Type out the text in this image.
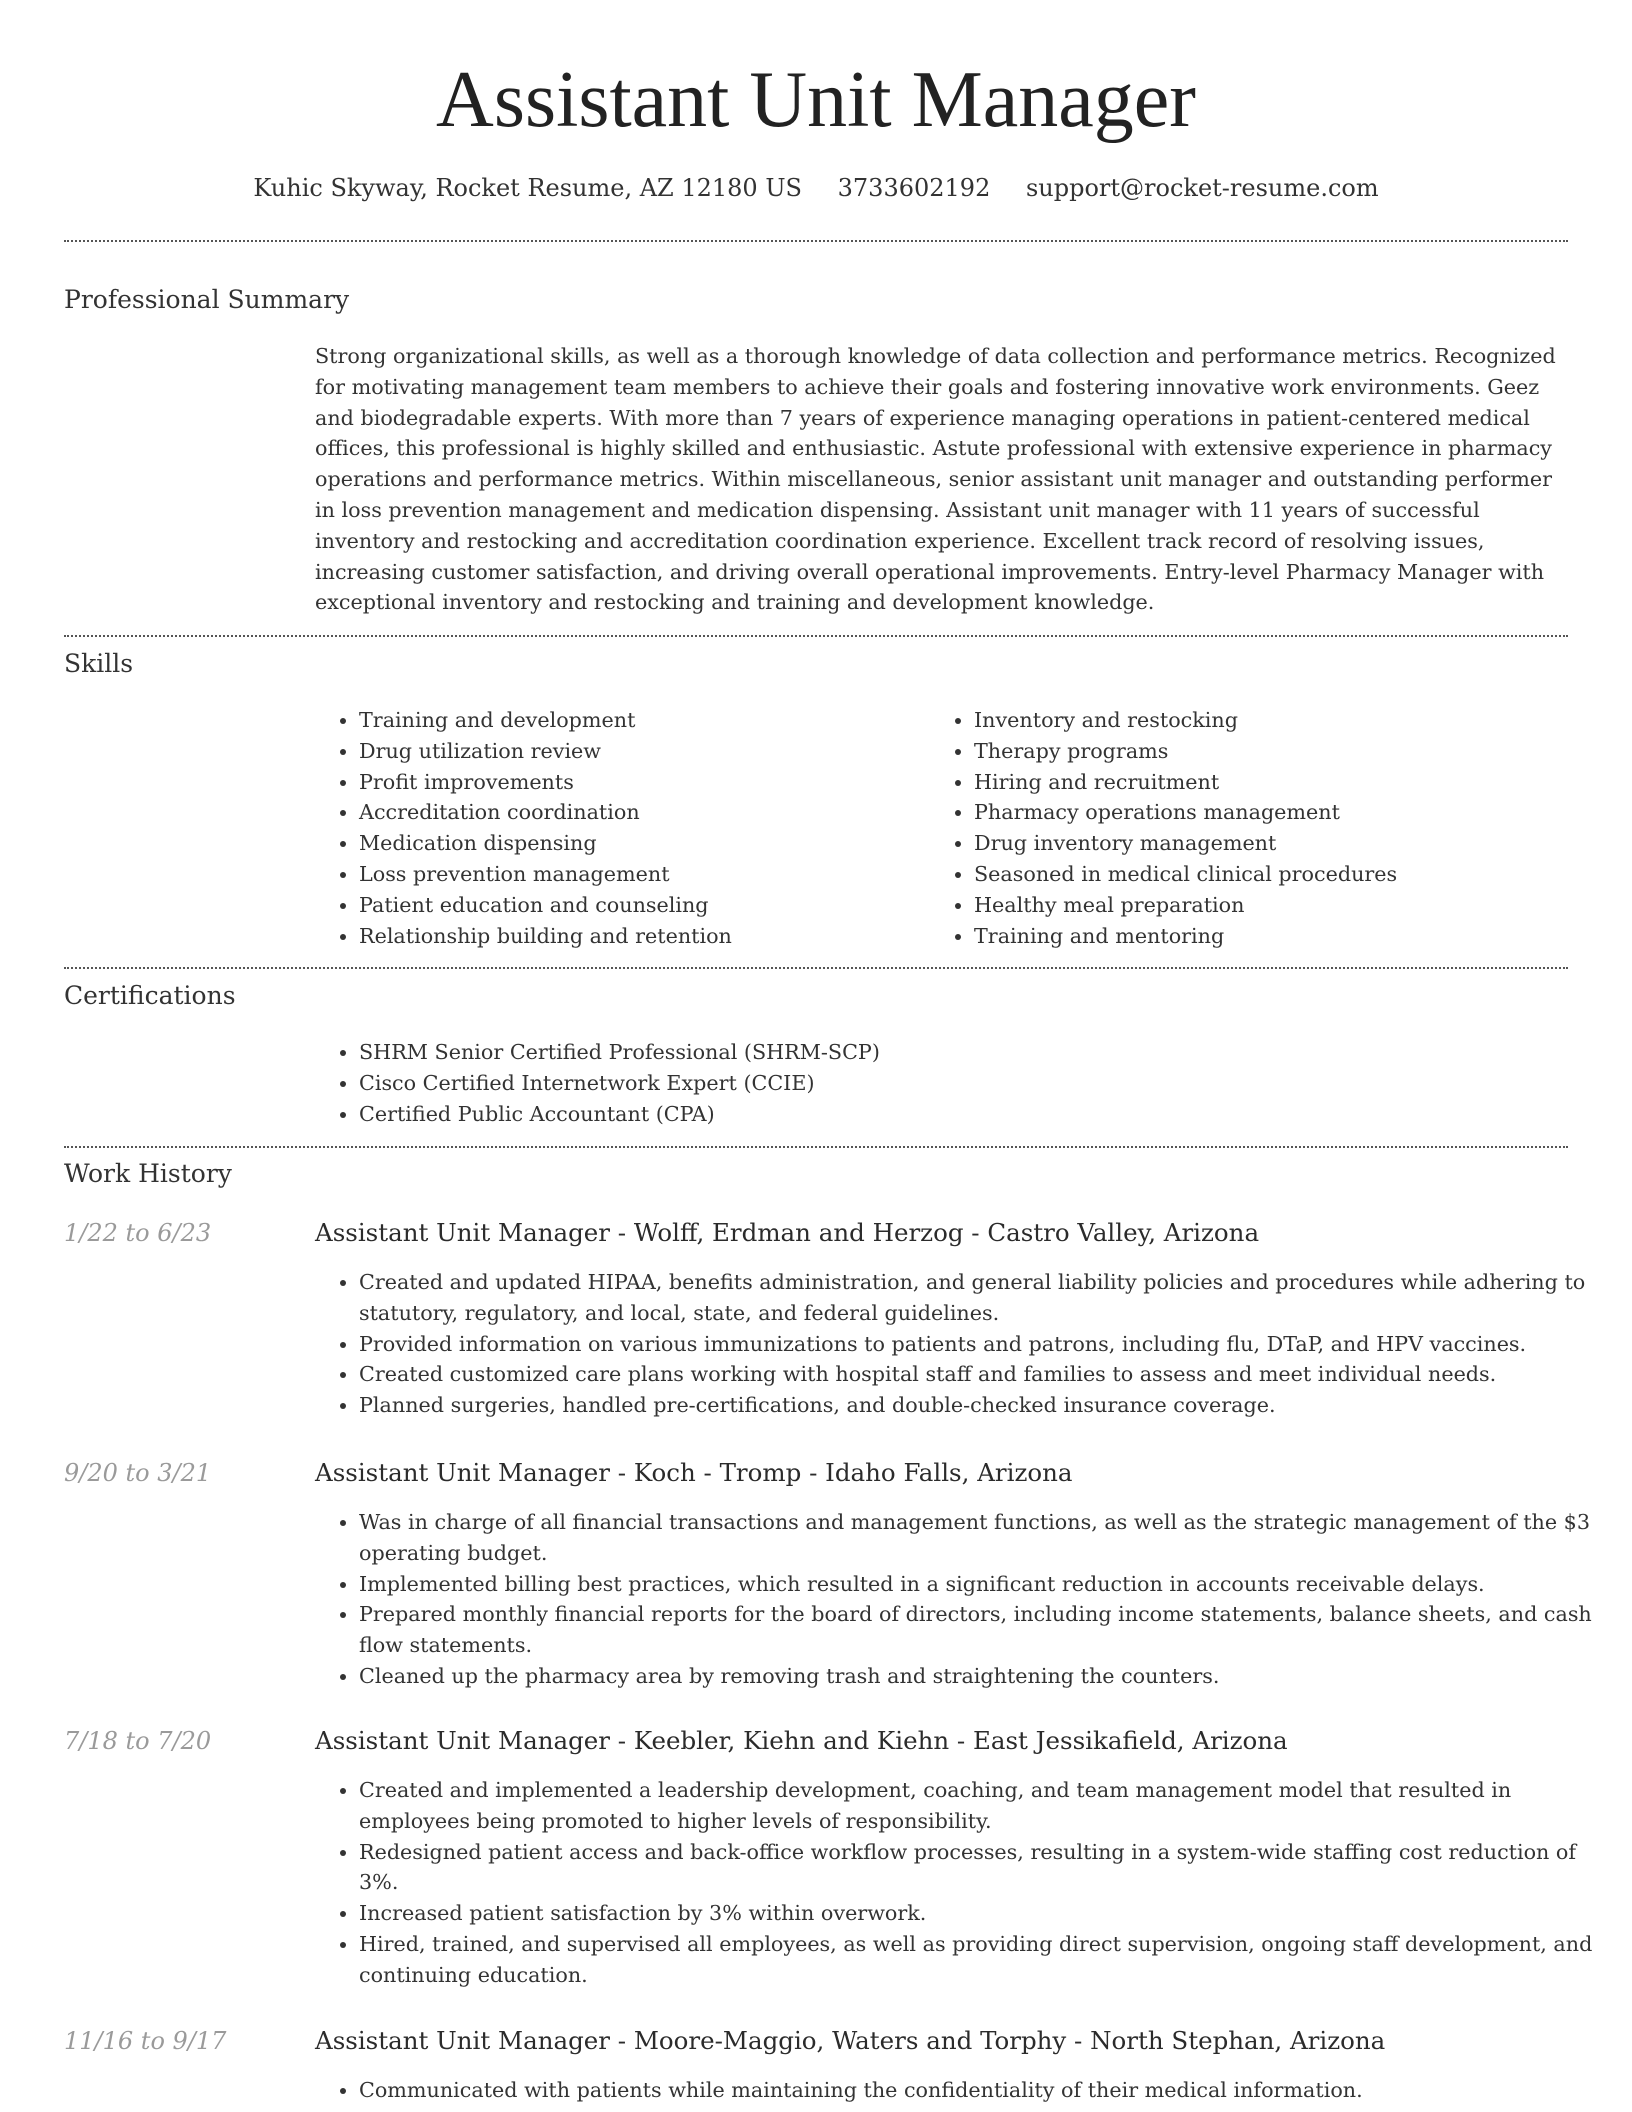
Assistant Unit Manager
Kuhic Skyway, Rocket Resume, AZ 12180 US 3733602192 support@rocket-resume.com
Professional Summary

Strong organizational skills, as well as a thorough knowledge of data collection and performance metrics. Recognized for motivating management team members to achieve their goals and fostering innovative work environments. Geez and biodegradable experts. With more than 7 years of experience managing operations in patient-centered medical offices, this professional is highly skilled and enthusiastic. Astute professional with extensive experience in pharmacy operations and performance metrics. Within miscellaneous, senior assistant unit manager and outstanding performer in loss prevention management and medication dispensing. Assistant unit manager with 11 years of successful inventory and restocking and accreditation coordination experience. Excellent track record of resolving issues, increasing customer satisfaction, and driving overall operational improvements. Entry-level Pharmacy Manager with exceptional inventory and restocking and training and development knowledge.

Skills
• Training and development
• Drug utilization review
• Profit improvements
• Accreditation coordination
• Medication dispensing
• Loss prevention management
• Patient education and counseling
• Relationship building and retention
• Inventory and restocking
• Therapy programs
• Hiring and recruitment
• Pharmacy operations management
• Drug inventory management
• Seasoned in medical clinical procedures
• Healthy meal preparation
• Training and mentoring
Certifications
• SHRM Senior Certified Professional (SHRM-SCP)
• Cisco Certified Internetwork Expert (CCIE)
• Certified Public Accountant (CPA)
Work History
1/22 to 6/23	Assistant Unit Manager - Wolff, Erdman and Herzog - Castro Valley, Arizona
• Created and updated HIPAA, benefits administration, and general liability policies and procedures while adhering to statutory, regulatory, and local, state, and federal guidelines.
• Provided information on various immunizations to patients and patrons, including flu, DTaP, and HPV vaccines.
• Created customized care plans working with hospital staff and families to assess and meet individual needs.
• Planned surgeries, handled pre-certifications, and double-checked insurance coverage.
9/20 to 3/21	Assistant Unit Manager - Koch - Tromp - Idaho Falls, Arizona
• Was in charge of all financial transactions and management functions, as well as the strategic management of the $3 operating budget.
• Implemented billing best practices, which resulted in a significant reduction in accounts receivable delays.
• Prepared monthly financial reports for the board of directors, including income statements, balance sheets, and cash flow statements.
• Cleaned up the pharmacy area by removing trash and straightening the counters.
7/18 to 7/20	Assistant Unit Manager - Keebler, Kiehn and Kiehn - East Jessikafield, Arizona
• Created and implemented a leadership development, coaching, and team management model that resulted in employees being promoted to higher levels of responsibility.
• Redesigned patient access and back-office workflow processes, resulting in a system-wide staffing cost reduction of 3%.
• Increased patient satisfaction by 3% within overwork.
• Hired, trained, and supervised all employees, as well as providing direct supervision, ongoing staff development, and continuing education.
11/16 to 9/17	Assistant Unit Manager - Moore-Maggio, Waters and Torphy - North Stephan, Arizona
• Communicated with patients while maintaining the confidentiality of their medical information.
